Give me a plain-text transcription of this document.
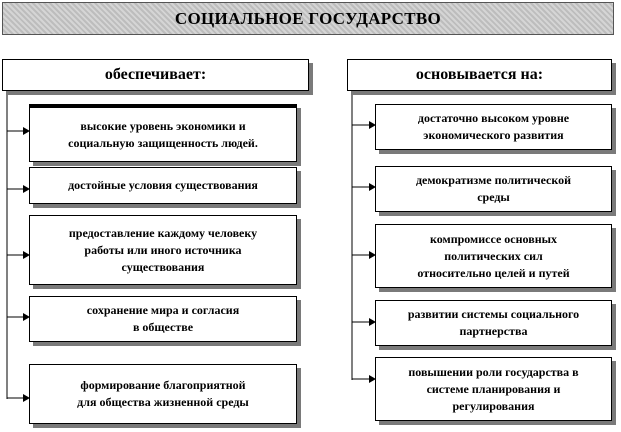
СОЦИАЛЬНОЕ ГОСУДАРСТВО
обеспечивает:	основывается на:
высокие уровень экономики и
социальную защищенность людей.
достойные условия существования
предоставление каждому человеку
работы или иного источника
существования
сохранение мира и согласия
в обществе
формирование благоприятной
для общества жизненной среды
достаточно высоком уровне
экономического развития
демократизме политической
среды
компромиссе основных
политических сил
относительно целей и путей
развитии системы социального
партнерства
повышении роли государства в
системе планирования и
регулирования
